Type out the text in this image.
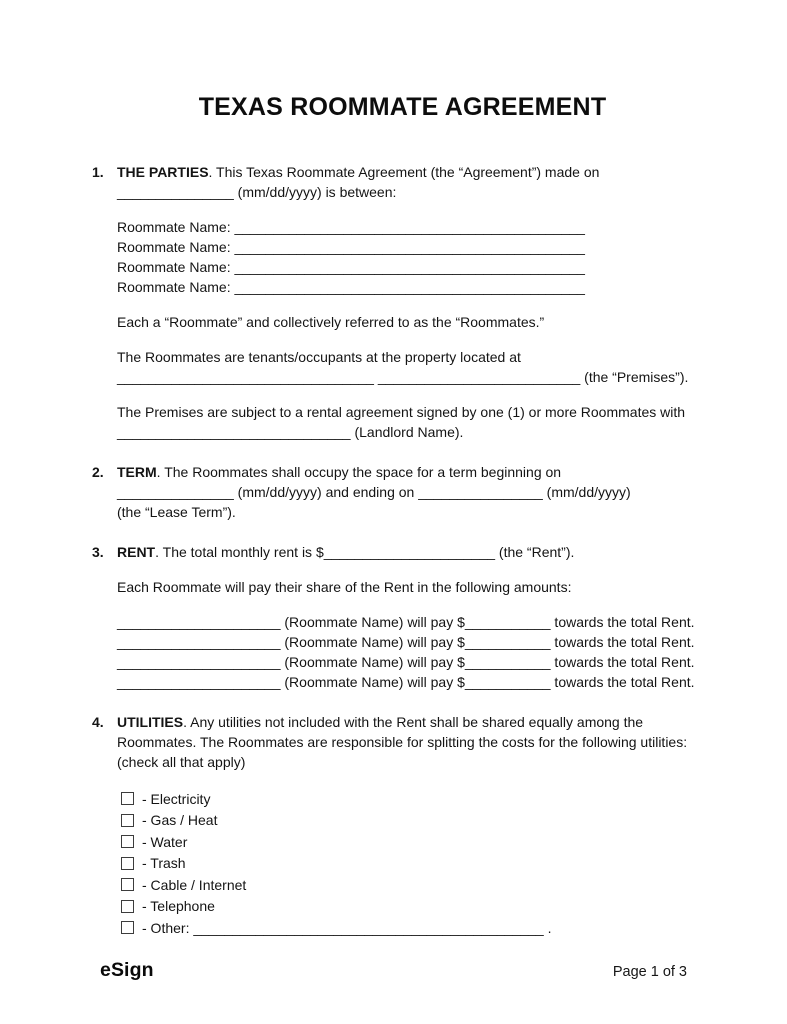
TEXAS ROOMMATE AGREEMENT
1. THE PARTIES. This Texas Roommate Agreement (the “Agreement”) made on
_______________ (mm/dd/yyyy) is between:
Roommate Name: _____________________________________________
Roommate Name: _____________________________________________
Roommate Name: _____________________________________________
Roommate Name: _____________________________________________
Each a “Roommate” and collectively referred to as the “Roommates.”
The Roommates are tenants/occupants at the property located at
_________________________________ __________________________ (the “Premises”).
The Premises are subject to a rental agreement signed by one (1) or more Roommates with
______________________________ (Landlord Name).
2. TERM. The Roommates shall occupy the space for a term beginning on
_______________ (mm/dd/yyyy) and ending on ________________ (mm/dd/yyyy)
(the “Lease Term”).
3. RENT. The total monthly rent is $______________________ (the “Rent”).
Each Roommate will pay their share of the Rent in the following amounts:
_____________________ (Roommate Name) will pay $___________ towards the total Rent.
_____________________ (Roommate Name) will pay $___________ towards the total Rent.
_____________________ (Roommate Name) will pay $___________ towards the total Rent.
_____________________ (Roommate Name) will pay $___________ towards the total Rent.
4. UTILITIES. Any utilities not included with the Rent shall be shared equally among the
Roommates. The Roommates are responsible for splitting the costs for the following utilities:
(check all that apply)
- Electricity
- Gas / Heat
- Water
- Trash
- Cable / Internet
- Telephone
- Other: _____________________________________________ .
eSign	Page 1 of 3
